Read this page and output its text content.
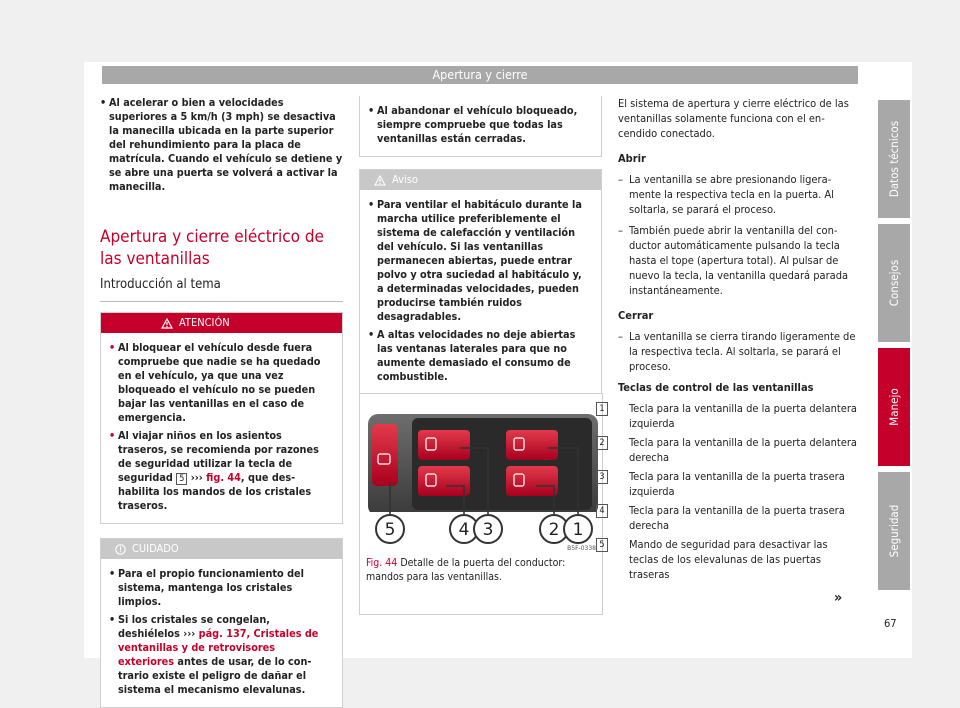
Apertura y cierre
• Al acelerar o bien a velocidades superiores a 5 km/h (3 mph) se desactiva la manecilla ubicada en la parte superior del rehundimiento para la placa de matrícula. Cuando el vehículo se detiene y se abre una puerta se volverá a activar la manecilla.
Apertura y cierre eléctrico de las ventanillas
Introducción al tema
ATENCIÓN
• Al bloquear el vehículo desde fuera compruebe que nadie se ha quedado en el vehículo, ya que una vez bloqueado el vehículo no se pueden bajar las ventanillas en el caso de emergencia.
• Al viajar niños en los asientos traseros, se recomienda por razones de seguridad utilizar la tecla de seguridad 5 ››› fig. 44, que deshabilita los mandos de los cristales traseros.
CUIDADO
• Para el propio funcionamiento del sistema, mantenga los cristales limpios.
• Si los cristales se congelan, deshiélelos ››› pág. 137, Cristales de ventanillas y de retrovisores exteriores antes de usar, de lo contrario existe el peligro de dañar el sistema el mecanismo elevalunas.
• Al abandonar el vehículo bloqueado, siempre compruebe que todas las ventanillas están cerradas.
Aviso
• Para ventilar el habitáculo durante la marcha utilice preferiblemente el sistema de calefacción y ventilación del vehículo. Si las ventanillas permanecen abiertas, puede entrar polvo y otra suciedad al habitáculo y, a determinadas velocidades, pueden producirse también ruidos desagradables.
• A altas velocidades no deje abiertas las ventanas laterales para que no aumente demasiado el consumo de combustible.
5	4 3	2 1
B5F-0338
Fig. 44 Detalle de la puerta del conductor: mandos para las ventanillas.

El sistema de apertura y cierre eléctrico de las ventanillas solamente funciona con el encendido conectado.

Abrir

– La ventanilla se abre presionando ligeramente la respectiva tecla en la puerta. Al soltarla, se parará el proceso.
– También puede abrir la ventanilla del conductor automáticamente pulsando la tecla hasta el tope (apertura total). Al pulsar de nuevo la tecla, la ventanilla quedará parada instantáneamente.

Cerrar

– La ventanilla se cierra tirando ligeramente de la respectiva tecla. Al soltarla, se parará el proceso.

Teclas de control de las ventanillas

1	Tecla para la ventanilla de la puerta delantera izquierda
2	Tecla para la ventanilla de la puerta delantera derecha
3	Tecla para la ventanilla de la puerta trasera izquierda
4	Tecla para la ventanilla de la puerta trasera derecha
5	Mando de seguridad para desactivar las teclas de los elevalunas de las puertas traseras
»
Datos técnicos
Consejos
Manejo
Seguridad
67
